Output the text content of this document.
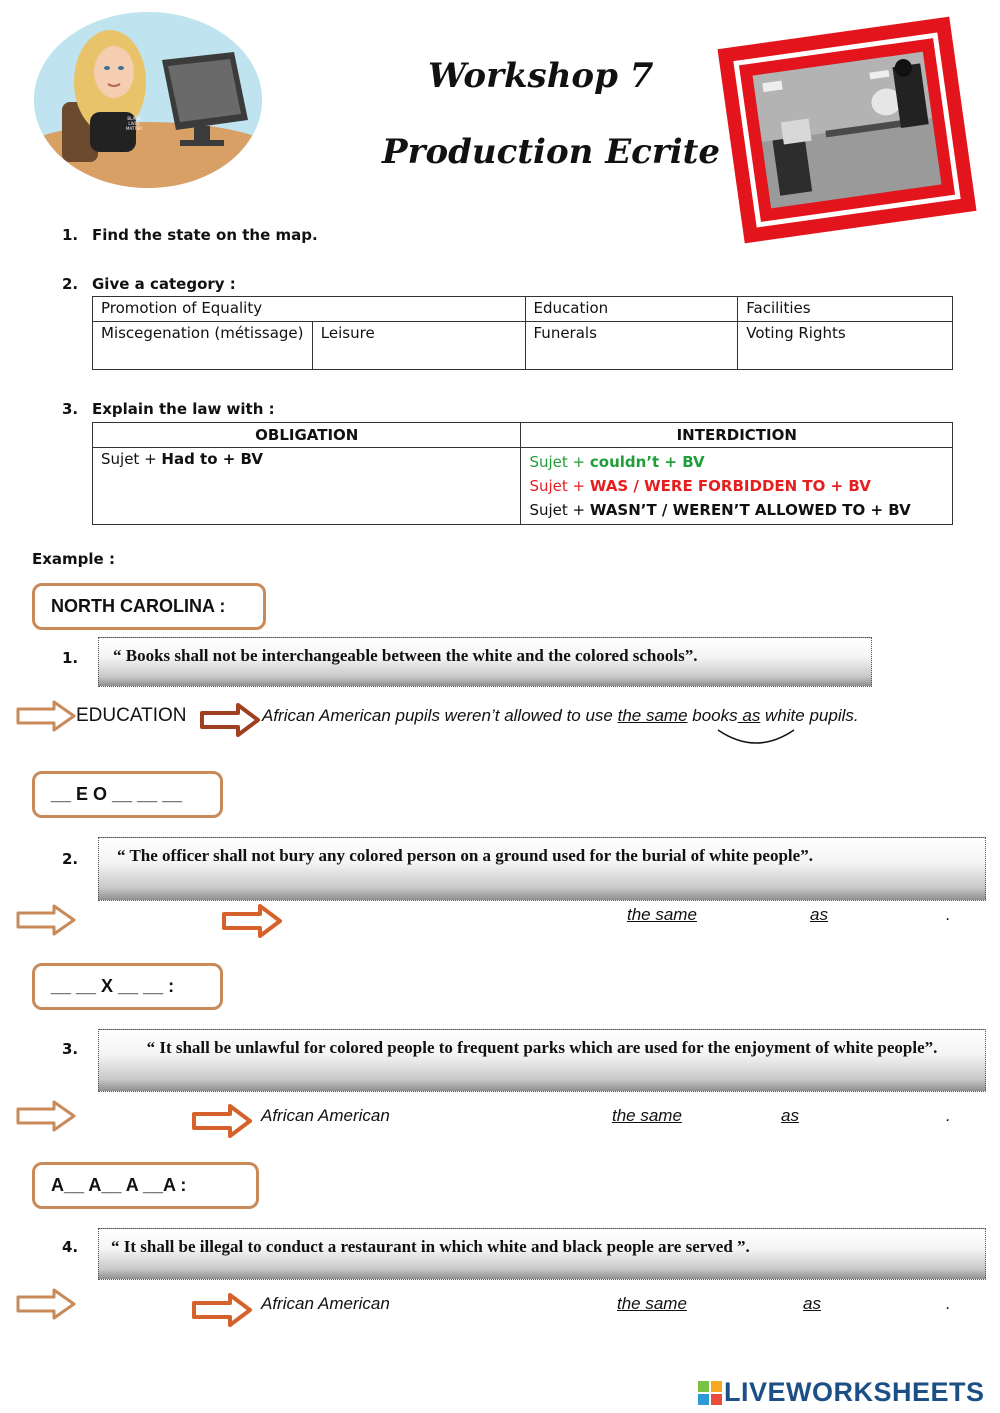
BLACK LIVES MATTER
Workshop 7
Production Ecrite
1. Find the state on the map.
2. Give a category :
Promotion of Equality		Education	Facilities
Miscegenation (métissage)	Leisure	Funerals	Voting Rights
3. Explain the law with :
OBLIGATION	INTERDICTION
Sujet + Had to + BV	Sujet + couldn’t + BV
Sujet + WAS / WERE FORBIDDEN TO + BV
Sujet + WASN’T / WEREN’T ALLOWED TO + BV
Example :
NORTH CAROLINA :
1.	“ Books shall not be interchangeable between the white and the colored schools”.
EDUCATION	African American pupils weren’t allowed to use the same books as white pupils.
__ E O __ __ __
2.	“ The officer shall not bury any colored person on a ground used for the burial of white people”.
the same	as	.
__ __ X __ __ :
3.	“ It shall be unlawful for colored people to frequent parks which are used for the enjoyment of white people”.
African American	the same	as	.
A__ A__ A __A :
4.	“ It shall be illegal to conduct a restaurant in which white and black people are served ”.
African American	the same	as	.
LIVEWORKSHEETS
